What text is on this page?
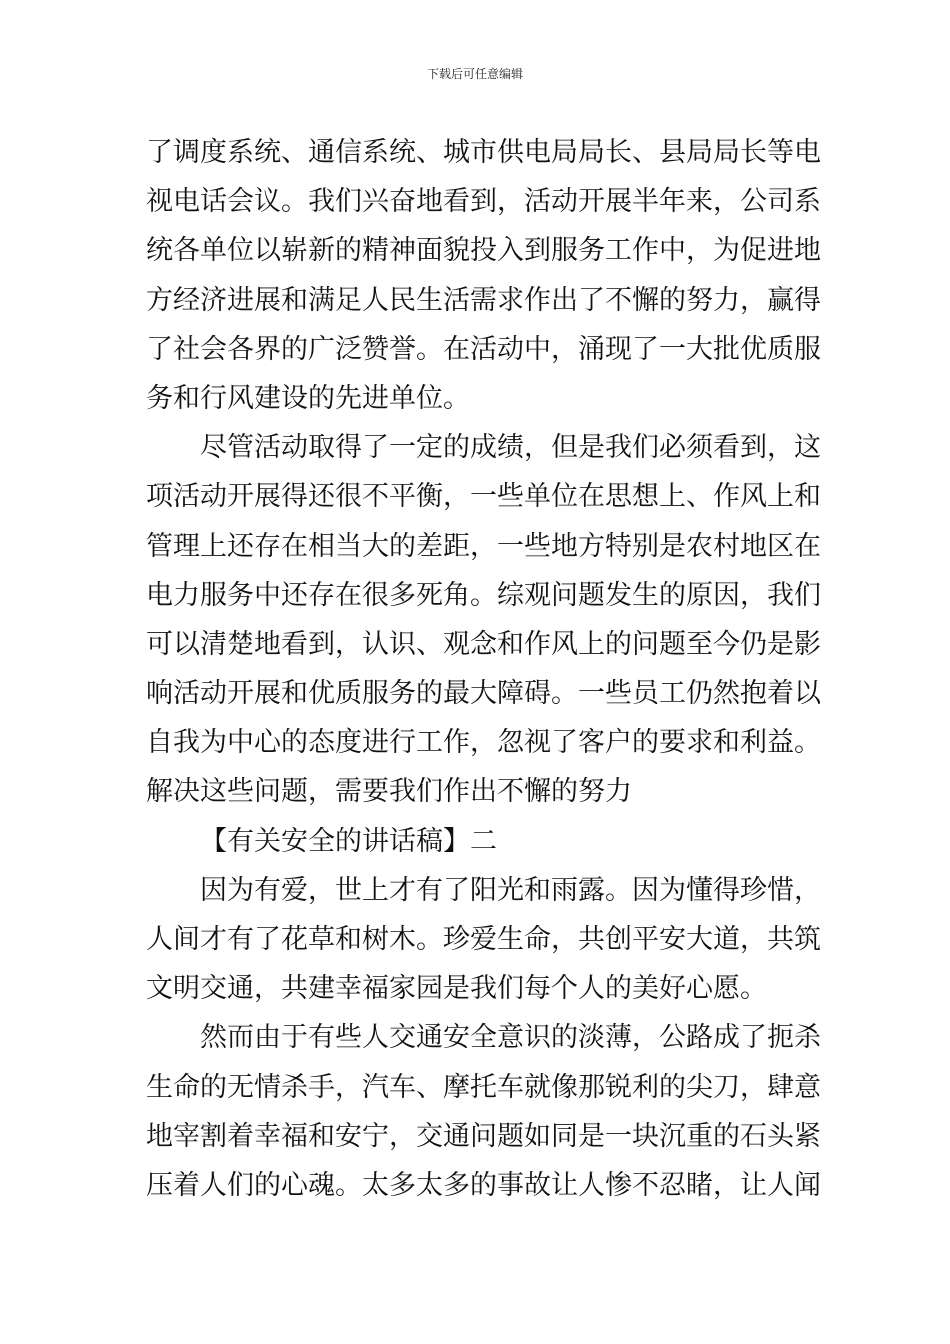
下载后可任意编辑
了调度系统、通信系统、城市供电局局长、县局局长等电
视电话会议。我们兴奋地看到，活动开展半年来，公司系
统各单位以崭新的精神面貌投入到服务工作中，为促进地
方经济进展和满足人民生活需求作出了不懈的努力，赢得
了社会各界的广泛赞誉。在活动中，涌现了一大批优质服
务和行风建设的先进单位。
尽管活动取得了一定的成绩，但是我们必须看到，这
项活动开展得还很不平衡，一些单位在思想上、作风上和
管理上还存在相当大的差距，一些地方特别是农村地区在
电力服务中还存在很多死角。综观问题发生的原因，我们
可以清楚地看到，认识、观念和作风上的问题至今仍是影
响活动开展和优质服务的最大障碍。一些员工仍然抱着以
自我为中心的态度进行工作，忽视了客户的要求和利益。
解决这些问题，需要我们作出不懈的努力
【有关安全的讲话稿】二
因为有爱，世上才有了阳光和雨露。因为懂得珍惜，
人间才有了花草和树木。珍爱生命，共创平安大道，共筑
文明交通，共建幸福家园是我们每个人的美好心愿。
然而由于有些人交通安全意识的淡薄，公路成了扼杀
生命的无情杀手，汽车、摩托车就像那锐利的尖刀，肆意
地宰割着幸福和安宁，交通问题如同是一块沉重的石头紧
压着人们的心魂。太多太多的事故让人惨不忍睹，让人闻
